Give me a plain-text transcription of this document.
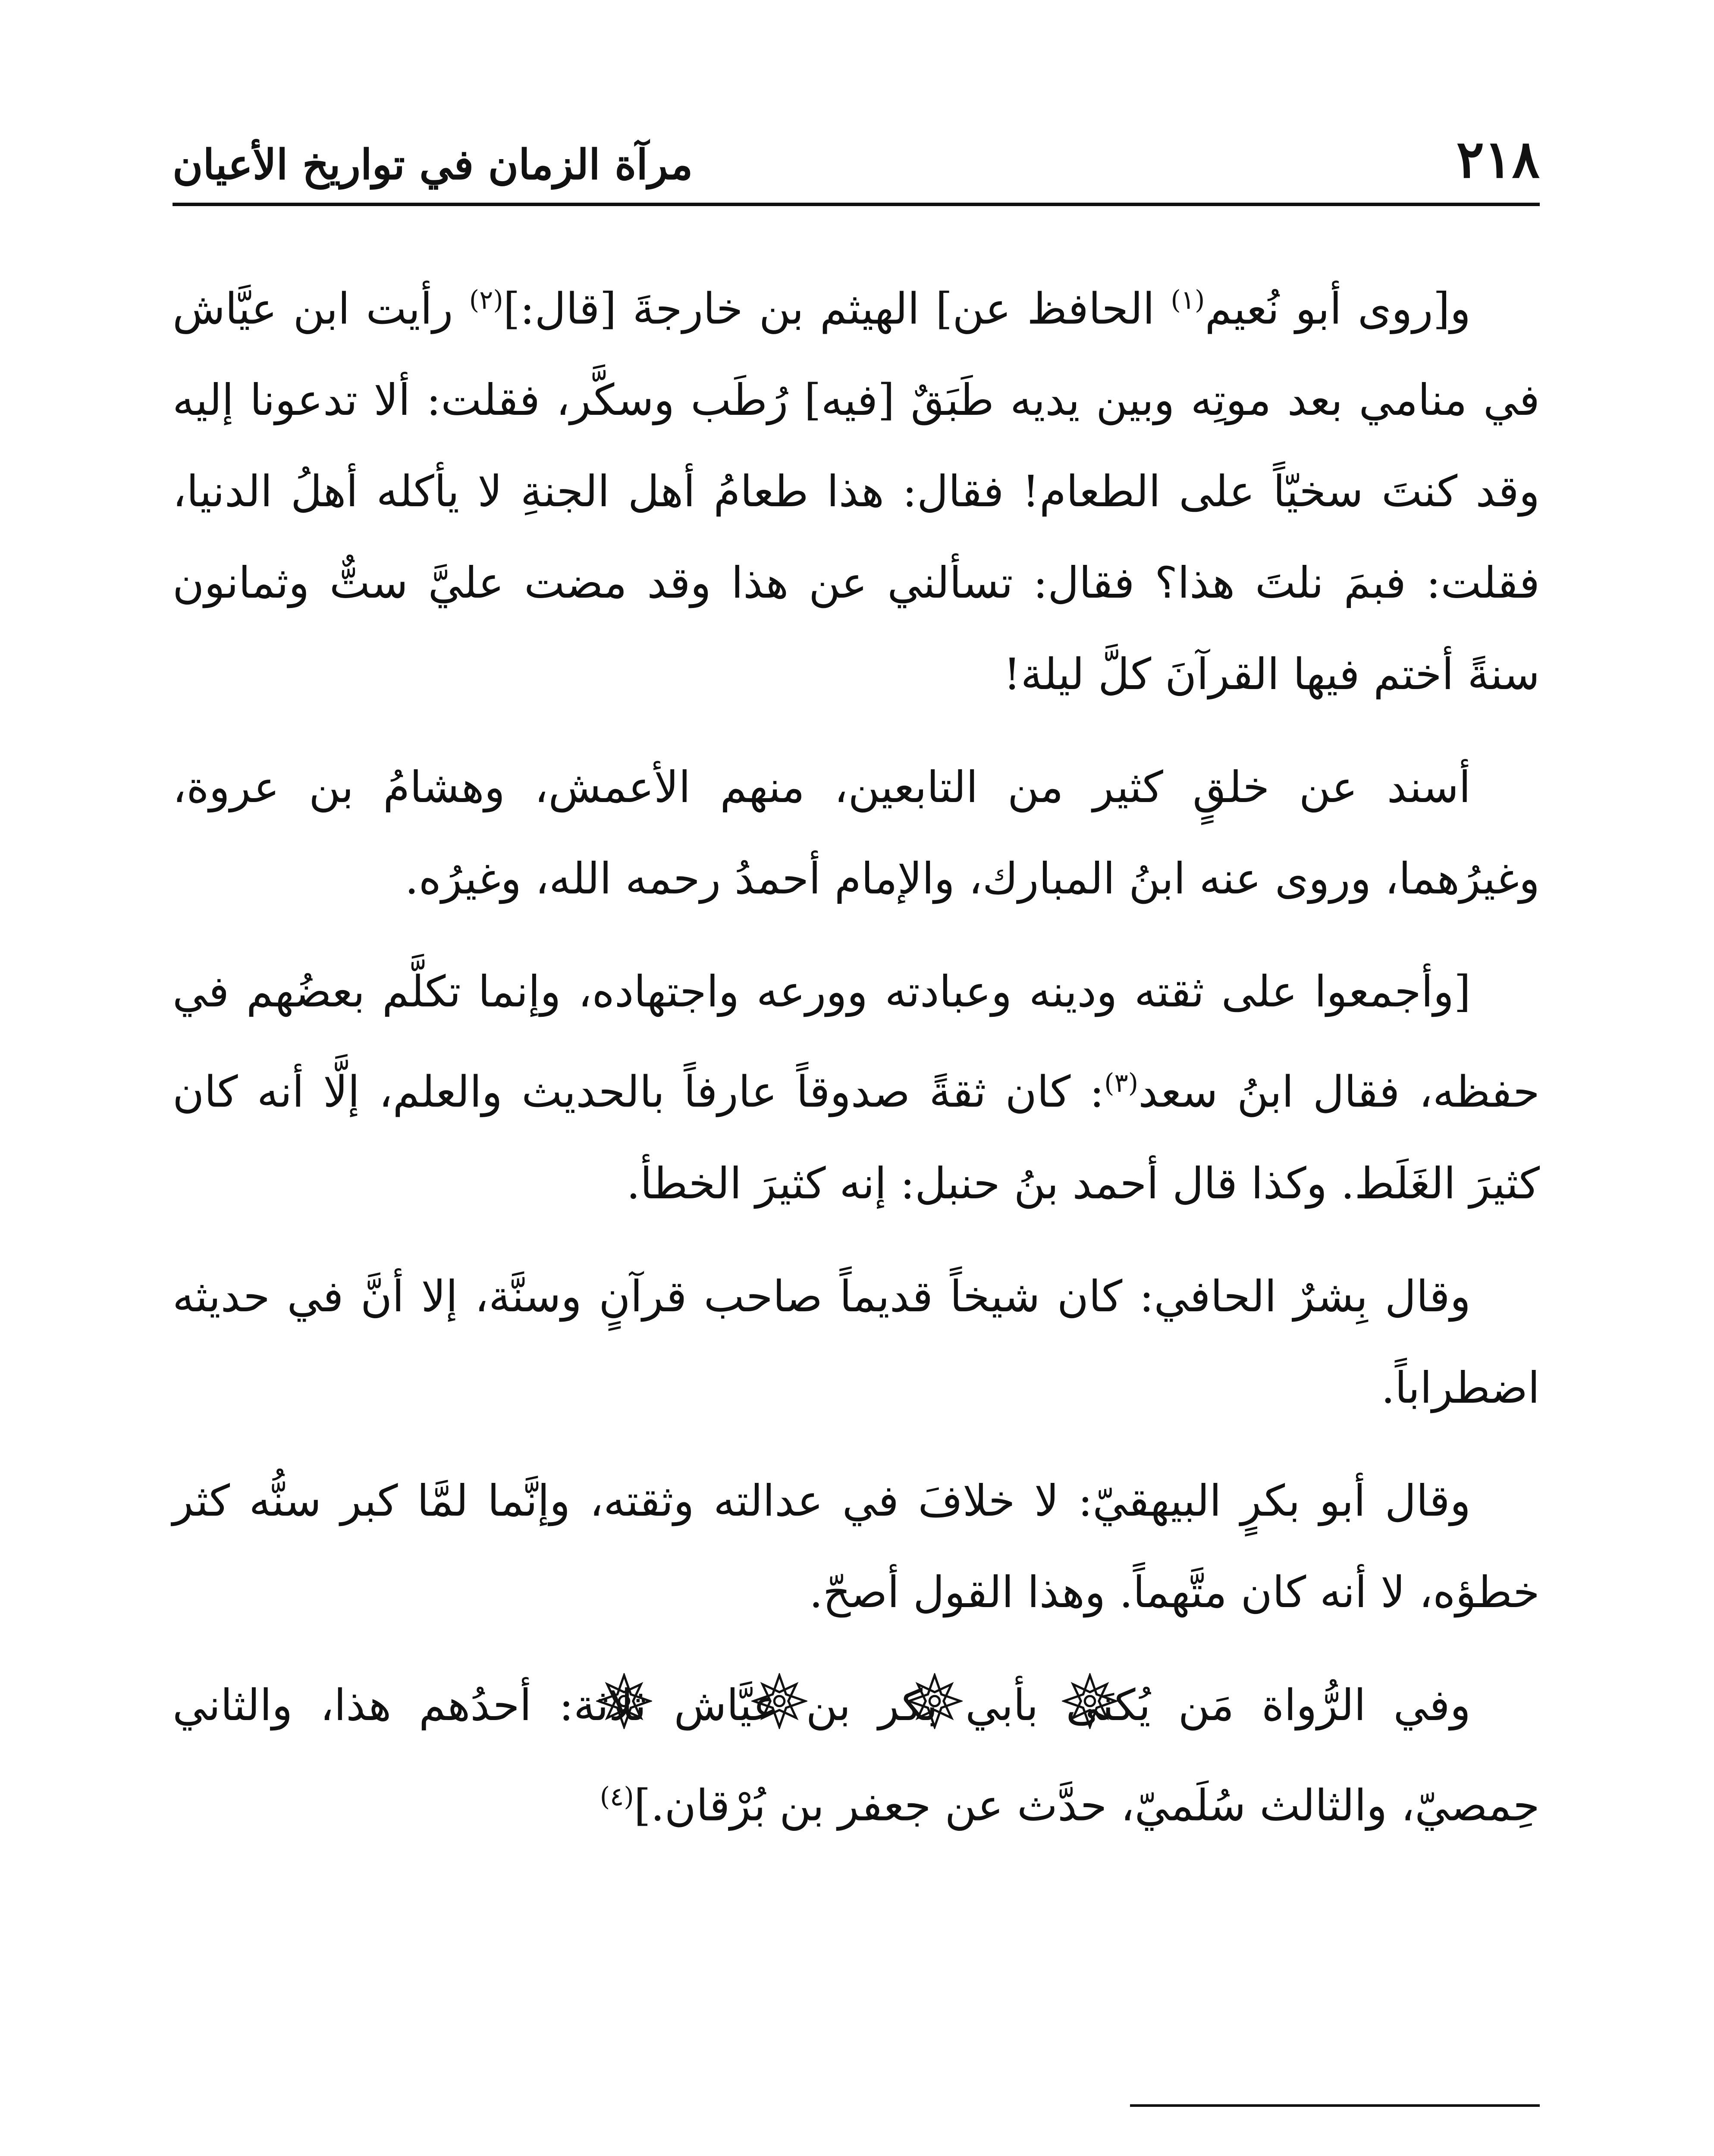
٢١٨
مرآة الزمان في تواريخ الأعيان

و[روى أبو نُعيم$^{(١)}$ الحافظ عن] الهيثم بن خارجةَ [قال:]$^{(٢)}$ رأيت ابن عيَّاش في منامي بعد موتِه وبين يديه طَبَقٌ [فيه] رُطَب وسكَّر، فقلت: ألا تدعونا إليه وقد كنتَ سخيّاً على الطعام! فقال: هذا طعامُ أهل الجنةِ لا يأكله أهلُ الدنيا، فقلت: فبمَ نلتَ هذا؟ فقال: تسألني عن هذا وقد مضت عليَّ ستٌّ وثمانون سنةً أختم فيها القرآنَ كلَّ ليلة!

أسند عن خلقٍ كثير من التابعين، منهم الأعمش، وهشامُ بن عروة، وغيرُهما، وروى عنه ابنُ المبارك، والإمام أحمدُ رحمه الله، وغيرُه.

[وأجمعوا على ثقته ودينه وعبادته وورعه واجتهاده، وإنما تكلَّم بعضُهم في حفظه، فقال ابنُ سعد$^{(٣)}$: كان ثقةً صدوقاً عارفاً بالحديث والعلم، إلَّا أنه كان كثيرَ الغَلَط. وكذا قال أحمد بنُ حنبل: إنه كثيرَ الخطأ.

وقال بِشرٌ الحافي: كان شيخاً قديماً صاحب قرآنٍ وسنَّة، إلا أنَّ في حديثه اضطراباً.

وقال أبو بكرٍ البيهقيّ: لا خلافَ في عدالته وثقته، وإنَّما لمَّا كبر سنُّه كثر خطؤه، لا أنه كان متَّهماً. وهذا القول أصحّ.

وفي الرُّواة مَن يُكنَى بأبي بكر بن عيَّاش ثلاثة: أحدُهم هذا، والثاني حِمصيّ، والثالث سُلَميّ، حدَّث عن جعفر بن بُرْقان.]$^{(٤)}$
